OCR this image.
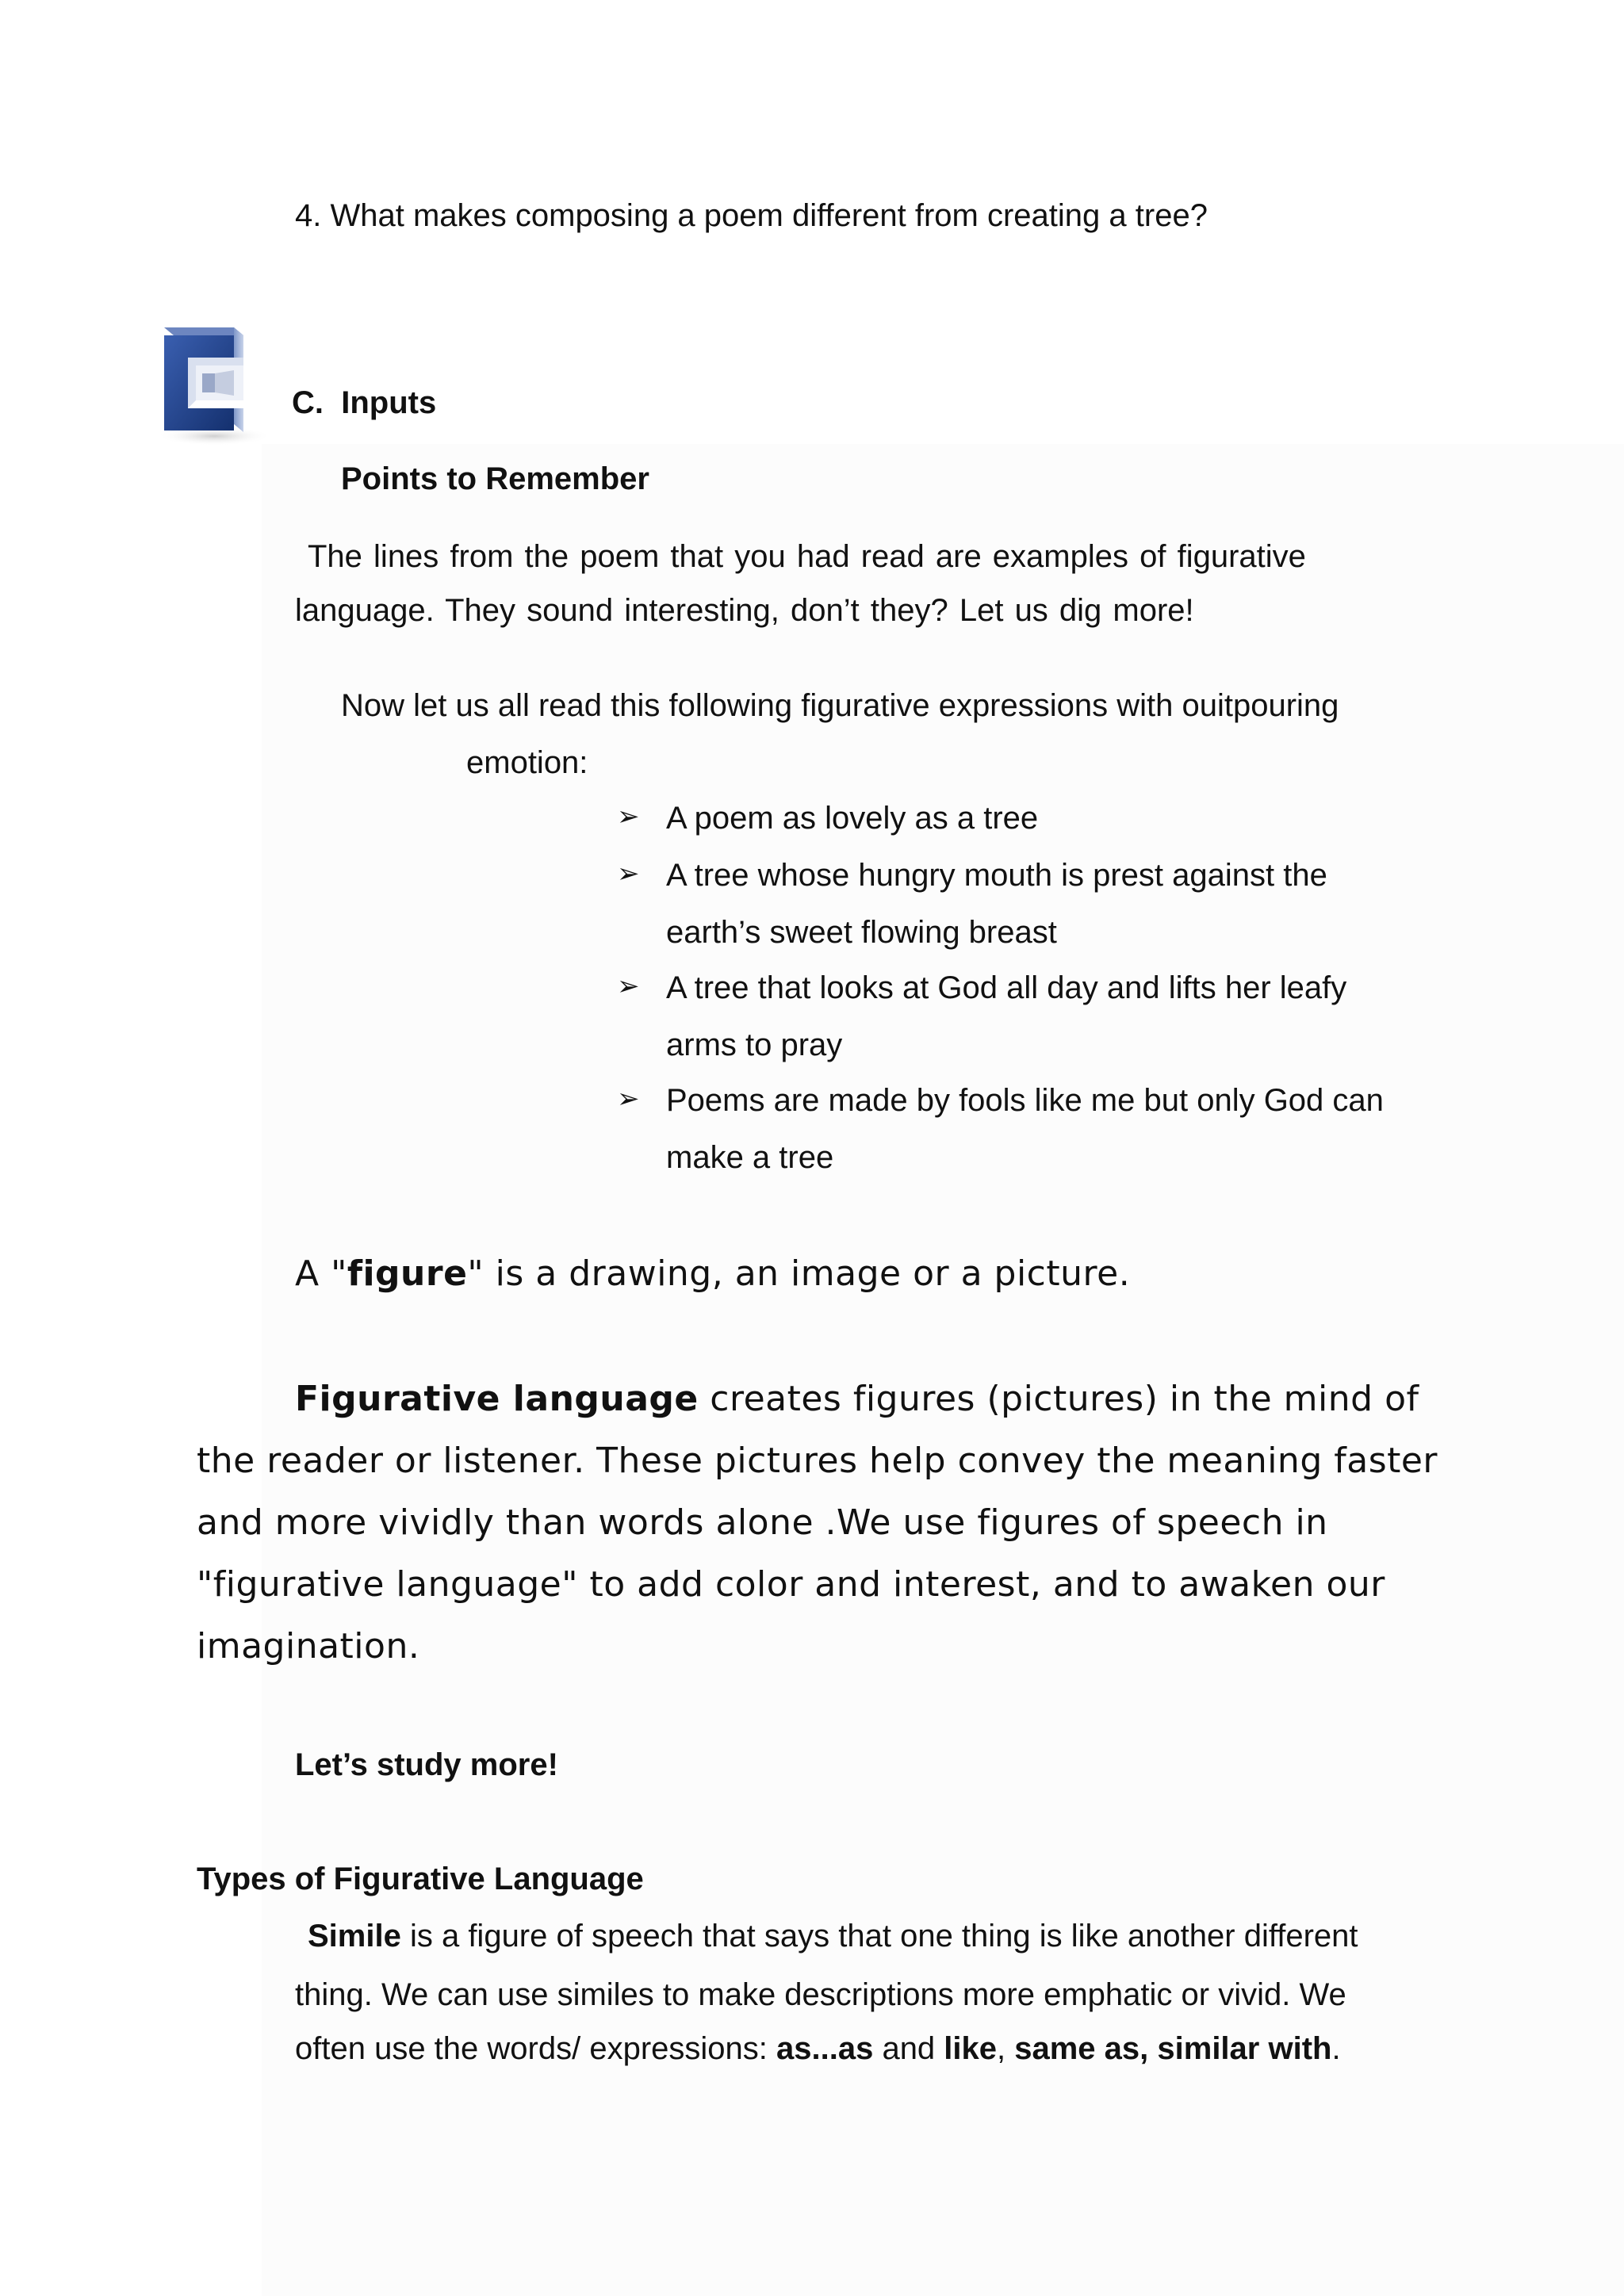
4. What makes composing a poem different from creating a tree?
C. Inputs
Points to Remember
The lines from the poem that you had read are examples of figurative
language. They sound interesting, don’t they? Let us dig more!
Now let us all read this following figurative expressions with ouitpouring
emotion:
➢ A poem as lovely as a tree
➢ A tree whose hungry mouth is prest against the
earth’s sweet flowing breast
➢ A tree that looks at God all day and lifts her leafy
arms to pray
➢ Poems are made by fools like me but only God can
make a tree
A "figure" is a drawing, an image or a picture.
Figurative language creates figures (pictures) in the mind of
the reader or listener. These pictures help convey the meaning faster
and more vividly than words alone .We use figures of speech in
"figurative language" to add color and interest, and to awaken our
imagination.
Let’s study more!
Types of Figurative Language
Simile is a figure of speech that says that one thing is like another different
thing. We can use similes to make descriptions more emphatic or vivid. We
often use the words/ expressions: as...as and like, same as, similar with.
